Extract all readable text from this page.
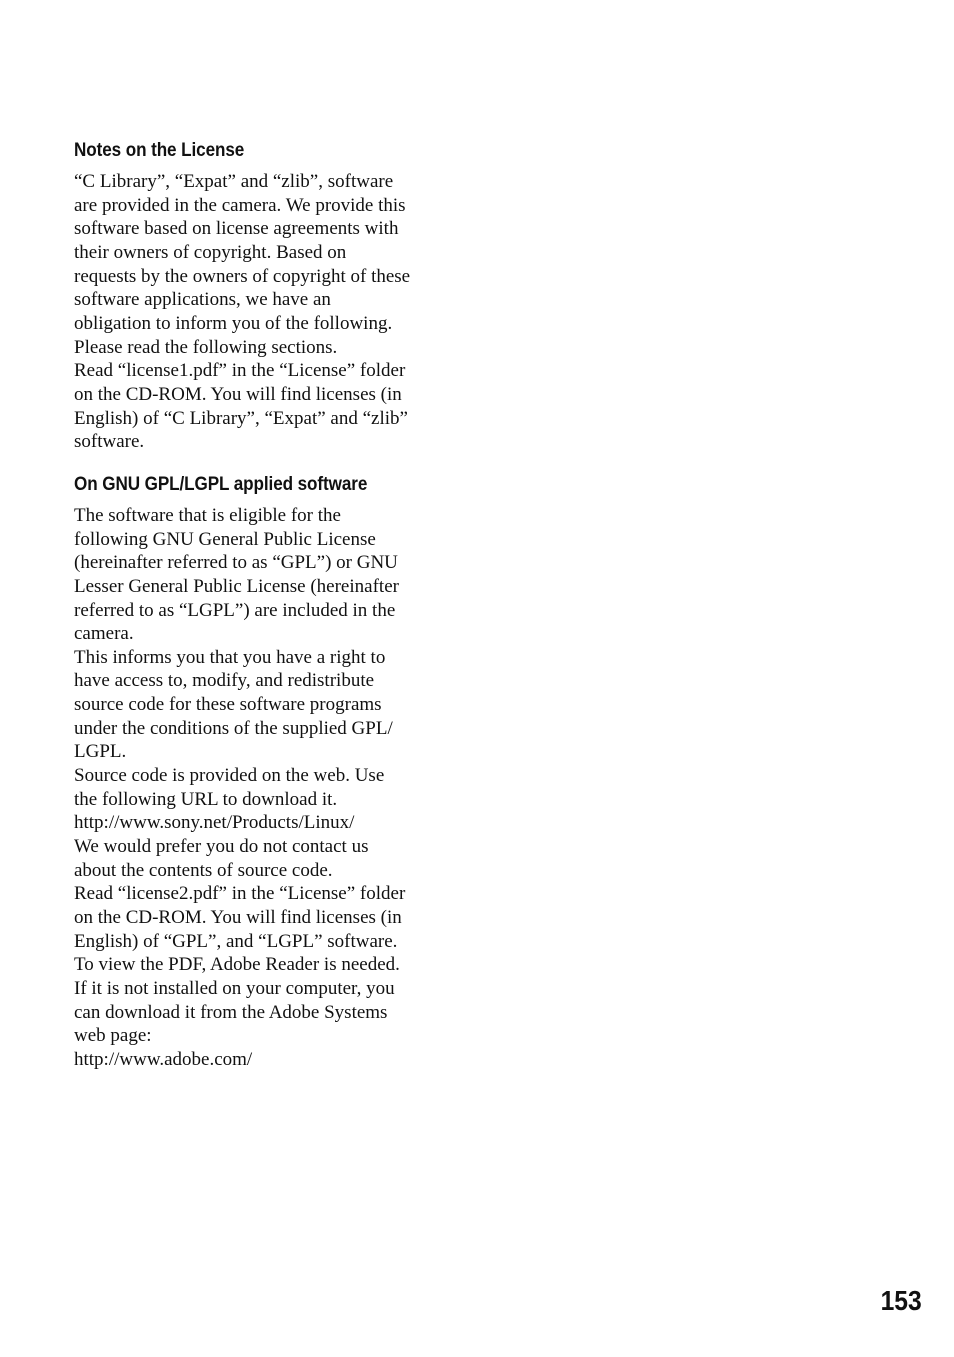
Notes on the License
“C Library”, “Expat” and “zlib”, software
are provided in the camera. We provide this
software based on license agreements with
their owners of copyright. Based on
requests by the owners of copyright of these
software applications, we have an
obligation to inform you of the following.
Please read the following sections.
Read “license1.pdf” in the “License” folder
on the CD-ROM. You will find licenses (in
English) of “C Library”, “Expat” and “zlib”
software.
On GNU GPL/LGPL applied software
The software that is eligible for the
following GNU General Public License
(hereinafter referred to as “GPL”) or GNU
Lesser General Public License (hereinafter
referred to as “LGPL”) are included in the
camera.
This informs you that you have a right to
have access to, modify, and redistribute
source code for these software programs
under the conditions of the supplied GPL/
LGPL.
Source code is provided on the web. Use
the following URL to download it.
http://www.sony.net/Products/Linux/
We would prefer you do not contact us
about the contents of source code.
Read “license2.pdf” in the “License” folder
on the CD-ROM. You will find licenses (in
English) of “GPL”, and “LGPL” software.
To view the PDF, Adobe Reader is needed.
If it is not installed on your computer, you
can download it from the Adobe Systems
web page:
http://www.adobe.com/
153
